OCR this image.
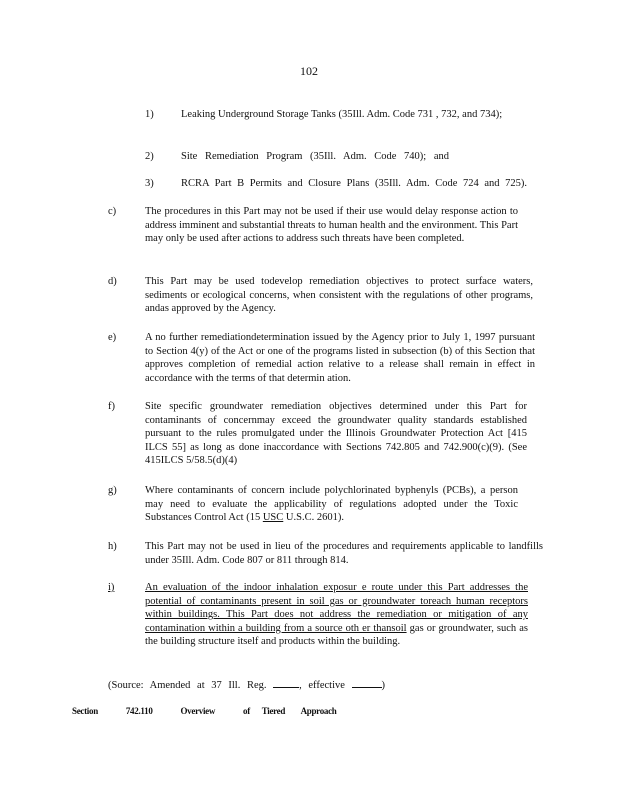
102
1)	Leaking Underground Storage Tanks (35Ill. Adm. Code 731 , 732, and 734);
2)	Site Remediation Program (35Ill. Adm. Code 740); and
3)	RCRA Part B Permits and Closure Plans (35Ill. Adm. Code 724 and 725).
c)	The procedures in this Part may not be used if their use would delay response action to address imminent and substantial threats to human health and the environment. This Part may only be used after actions to address such threats have been completed.
d)	This Part may be used todevelop remediation objectives to protect surface waters, sediments or ecological concerns, when consistent with the regulations of other programs, andas approved by the Agency.
e)	A no further remediationdetermination issued by the Agency prior to July 1, 1997 pursuant to Section 4(y) of the Act or one of the programs listed in subsection (b) of this Section that approves completion of remedial action relative to a release shall remain in effect in accordance with the terms of that determin ation.
f)	Site specific groundwater remediation objectives determined under this Part for contaminants of concernmay exceed the groundwater quality standards established pursuant to the rules promulgated under the Illinois Groundwater Protection Act [415 ILCS 55] as long as done inaccordance with Sections 742.805 and 742.900(c)(9). (See 415ILCS 5/58.5(d)(4)
g)	Where contaminants of concern include polychlorinated byphenyls (PCBs), a person may need to evaluate the applicability of regulations adopted under the Toxic Substances Control Act (15 USC U.S.C. 2601).
h)	This Part may not be used in lieu of the procedures and requirements applicable to landfills under 35Ill. Adm. Code 807 or 811 through 814.
i)	An evaluation of the indoor inhalation exposur e route under this Part addresses the potential of contaminants present in soil gas or groundwater toreach human receptors within buildings. This Part does not address the remediation or mitigation of any contamination within a building from a source oth er thansoil gas or groundwater, such as the building structure itself and products within the building.
(Source: Amended at 37 Ill. Reg.	, effective	)
Section	742.110	Overview	of Tiered Approach
